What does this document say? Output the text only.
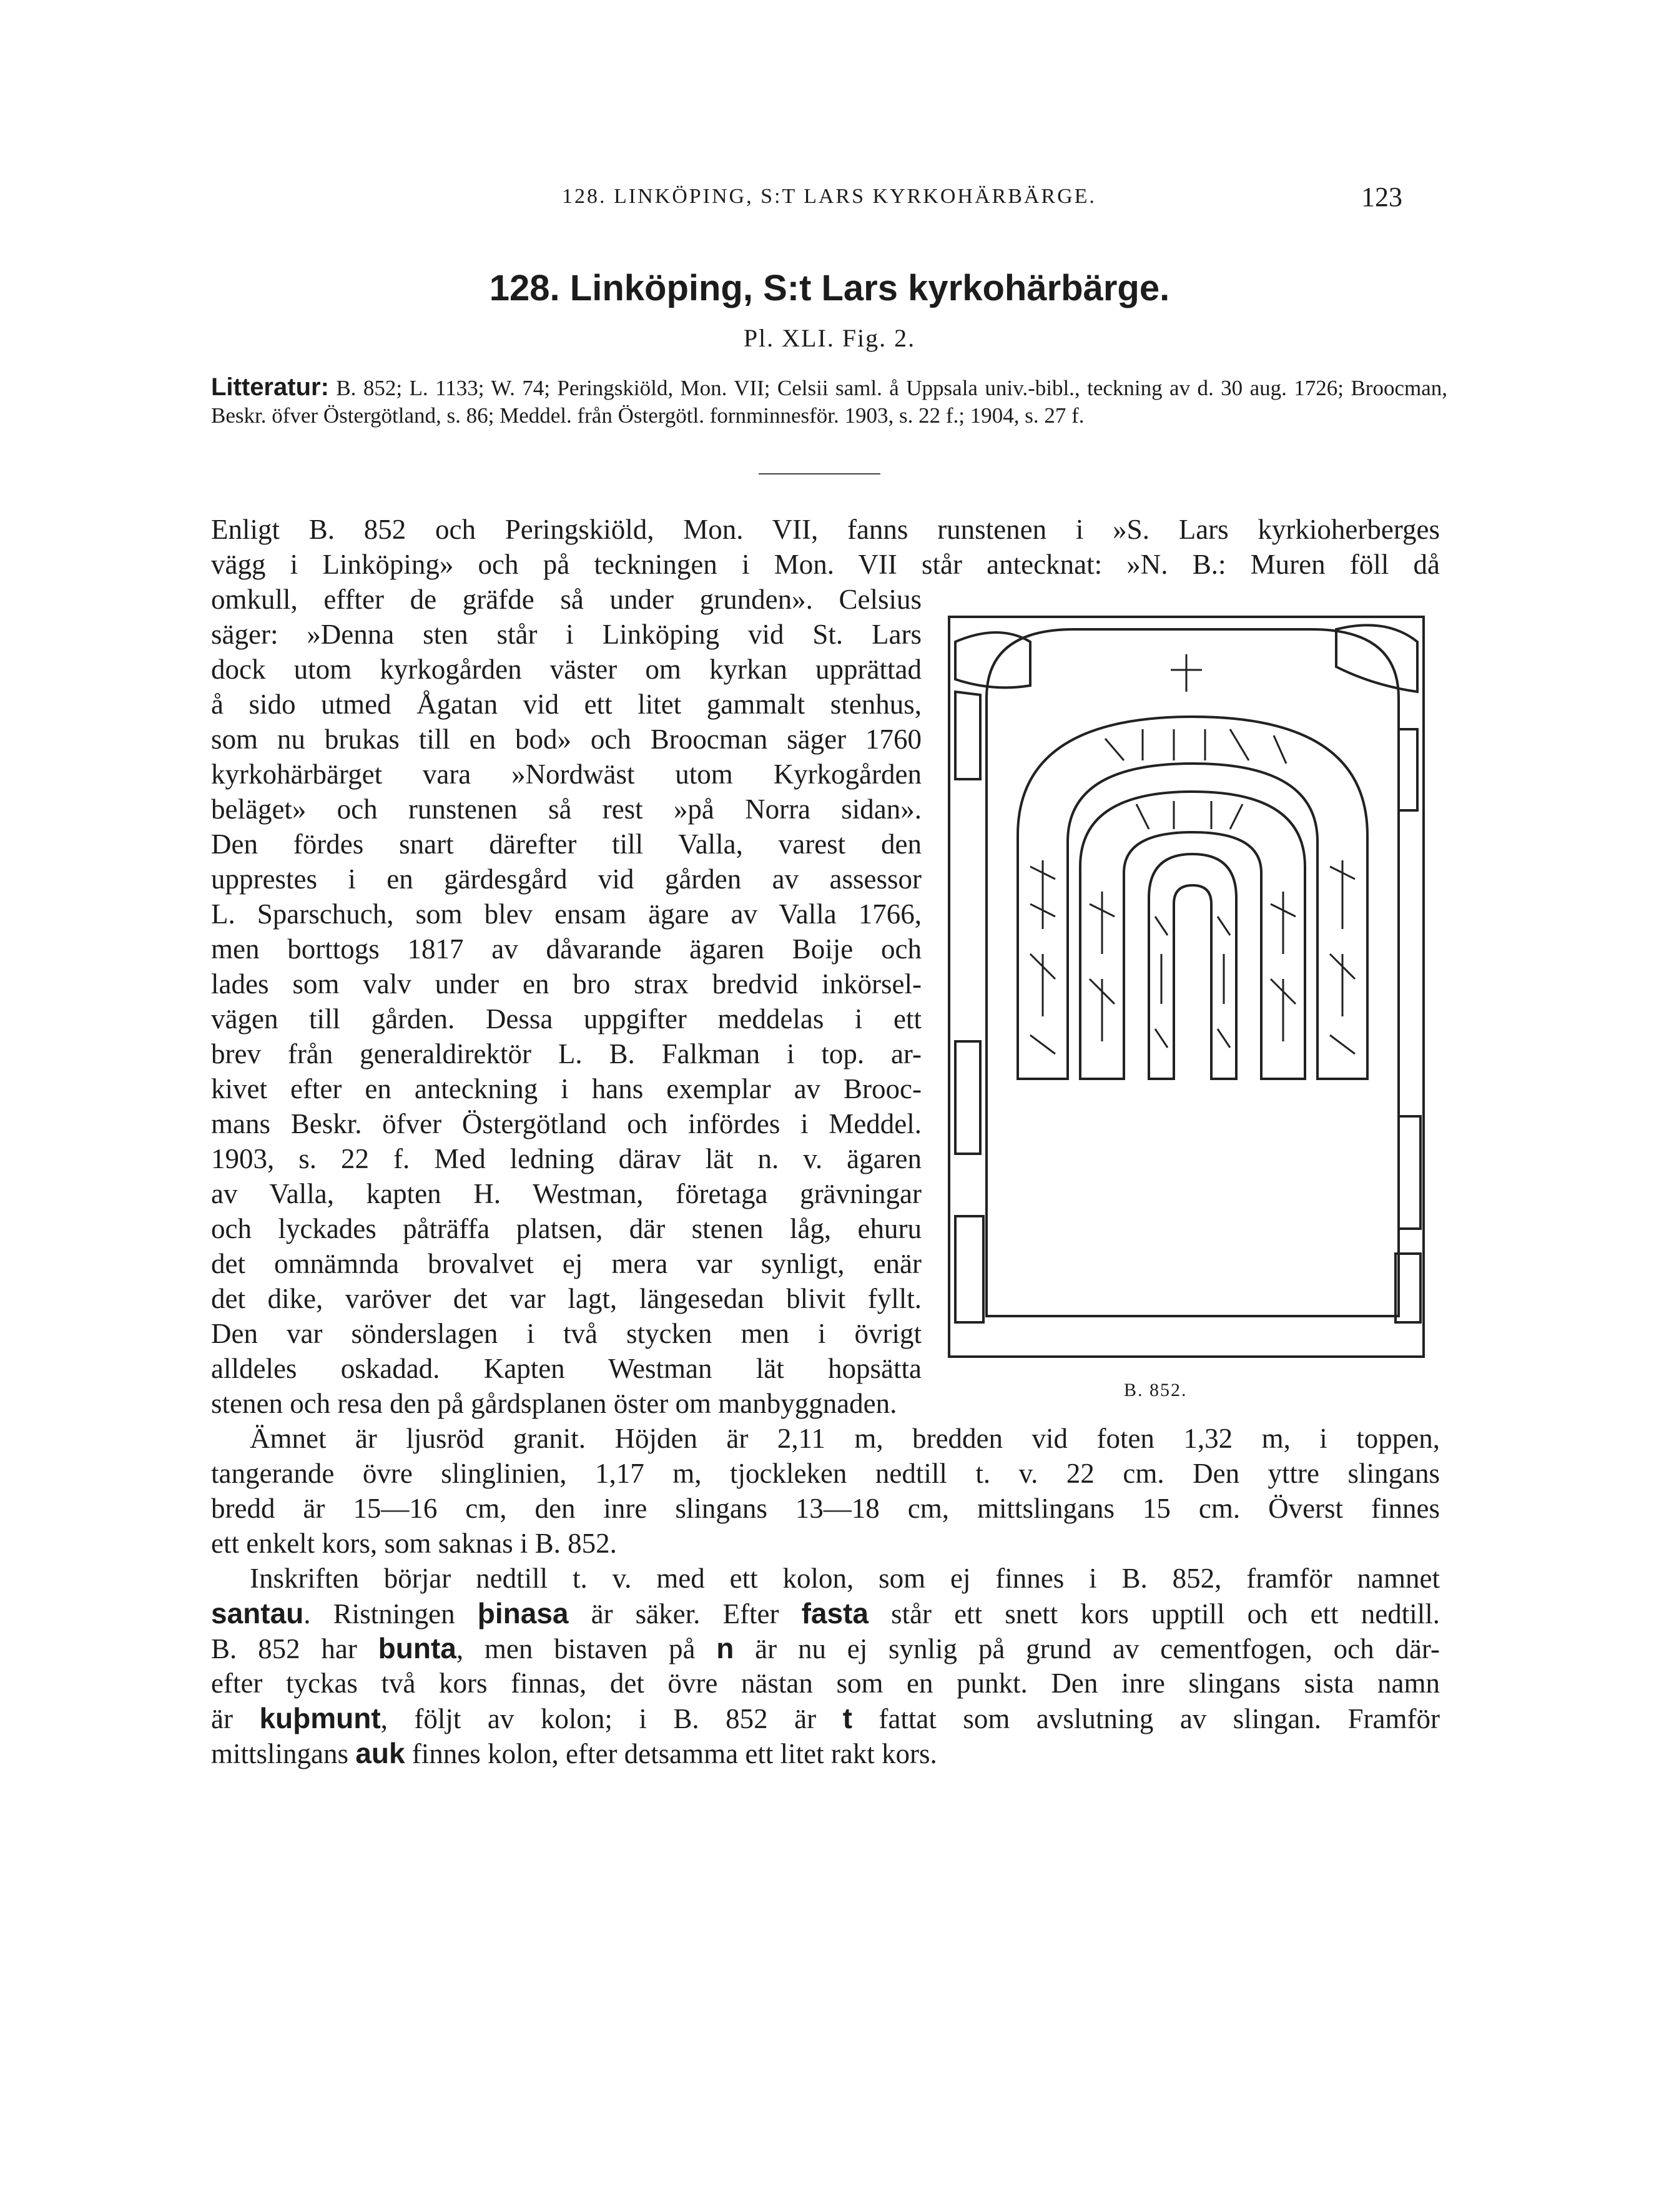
128. LINKÖPING, S:T LARS KYRKOHÄRBÄRGE.	123
128. Linköping, S:t Lars kyrkohärbärge.
Pl. XLI. Fig. 2.
Litteratur: B. 852; L. 1133; W. 74; Peringskiöld, Mon. VII; Celsii saml. å Uppsala univ.-bibl., teckning av d. 30 aug. 1726; Broocman, Beskr. öfver Östergötland, s. 86; Meddel. från Östergötl. fornminnesför. 1903, s. 22 f.; 1904, s. 27 f.
Enligt B. 852 och Peringskiöld, Mon. VII, fanns runstenen i »S. Lars kyrkioherberges
vägg i Linköping» och på teckningen i Mon. VII står antecknat: »N. B.: Muren föll då
omkull, effter de gräfde så under grunden». Celsius
säger: »Denna sten står i Linköping vid St. Lars
dock utom kyrkogården väster om kyrkan upprättad
å sido utmed Ågatan vid ett litet gammalt stenhus,
som nu brukas till en bod» och Broocman säger 1760
kyrkohärbärget vara »Nordwäst utom Kyrkogården
beläget» och runstenen så rest »på Norra sidan».
Den fördes snart därefter till Valla, varest den
upprestes i en gärdesgård vid gården av assessor
L. Sparschuch, som blev ensam ägare av Valla 1766,
men borttogs 1817 av dåvarande ägaren Boije och
lades som valv under en bro strax bredvid inkörsel-
vägen till gården. Dessa uppgifter meddelas i ett
brev från generaldirektör L. B. Falkman i top. ar-
kivet efter en anteckning i hans exemplar av Brooc-
mans Beskr. öfver Östergötland och infördes i Meddel.
1903, s. 22 f. Med ledning därav lät n. v. ägaren
av Valla, kapten H. Westman, företaga grävningar
och lyckades påträffa platsen, där stenen låg, ehuru
det omnämnda brovalvet ej mera var synligt, enär
det dike, varöver det var lagt, längesedan blivit fyllt.
Den var sönderslagen i två stycken men i övrigt
alldeles oskadad. Kapten Westman lät hopsätta
stenen och resa den på gårdsplanen öster om manbyggnaden.
Ämnet är ljusröd granit. Höjden är 2,11 m, bredden vid foten 1,32 m, i toppen,
tangerande övre slinglinien, 1,17 m, tjockleken nedtill t. v. 22 cm. Den yttre slingans
bredd är 15—16 cm, den inre slingans 13—18 cm, mittslingans 15 cm. Överst finnes
ett enkelt kors, som saknas i B. 852.
Inskriften börjar nedtill t. v. med ett kolon, som ej finnes i B. 852, framför namnet
santau. Ristningen þinasa är säker. Efter fasta står ett snett kors upptill och ett nedtill.
B. 852 har bunta, men bistaven på n är nu ej synlig på grund av cementfogen, och där-
efter tyckas två kors finnas, det övre nästan som en punkt. Den inre slingans sista namn
är kuþmunt, följt av kolon; i B. 852 är t fattat som avslutning av slingan. Framför
mittslingans auk finnes kolon, efter detsamma ett litet rakt kors.
B. 852.
